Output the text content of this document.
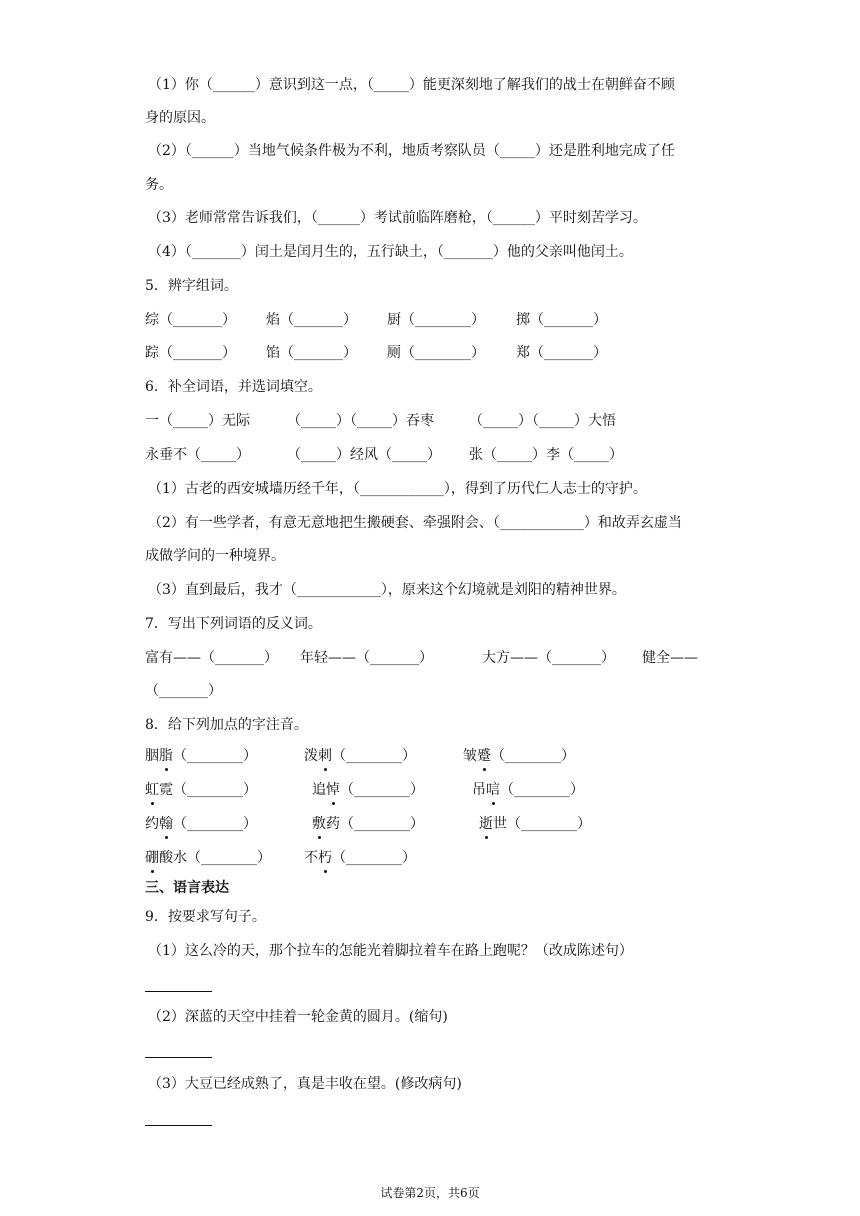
（1）你（______）意识到这一点，（_____）能更深刻地了解我们的战士在朝鲜奋不顾
身的原因。
（2）（______）当地气候条件极为不利，地质考察队员（_____）还是胜利地完成了任
务。
（3）老师常常告诉我们，（______）考试前临阵磨枪，（______）平时刻苦学习。
（4）（_______）闰土是闰月生的，五行缺土，（_______）他的父亲叫他闰土。
5．辨字组词。
综（_______） 焰（_______） 厨（________） 掷（_______）
踪（_______） 馅（_______） 厕（________） 郑（_______）
6．补全词语，并选词填空。
一（_____）无际	（_____）（_____）吞枣	（_____）（_____）大悟
永垂不（_____）	（_____）经风（_____） 张（_____）李（_____）
（1）古老的西安城墙历经千年，（____________），得到了历代仁人志士的守护。
（2）有一些学者，有意无意地把生搬硬套、牵强附会、（____________）和故弄玄虚当
成做学问的一种境界。
（3）直到最后，我才（____________），原来这个幻境就是刘阳的精神世界。
7．写出下列词语的反义词。
富有——（_______） 年轻——（_______）	大方——（_______） 健全——
（_______）
8．给下列加点的字注音。
胭脂（________）	泼刺（________）	皱蹙（________）
虹霓（________）	追悼（________）	吊唁（________）
约翰（________）	敷药（________）	逝世（________）
硼酸水（________） 不朽（________）
三、语言表达
9．按要求写句子。
（1）这么冷的天，那个拉车的怎能光着脚拉着车在路上跑呢？（改成陈述句）
（2）深蓝的天空中挂着一轮金黄的圆月。(缩句)
（3）大豆已经成熟了，真是丰收在望。(修改病句)
试卷第2页，共6页
